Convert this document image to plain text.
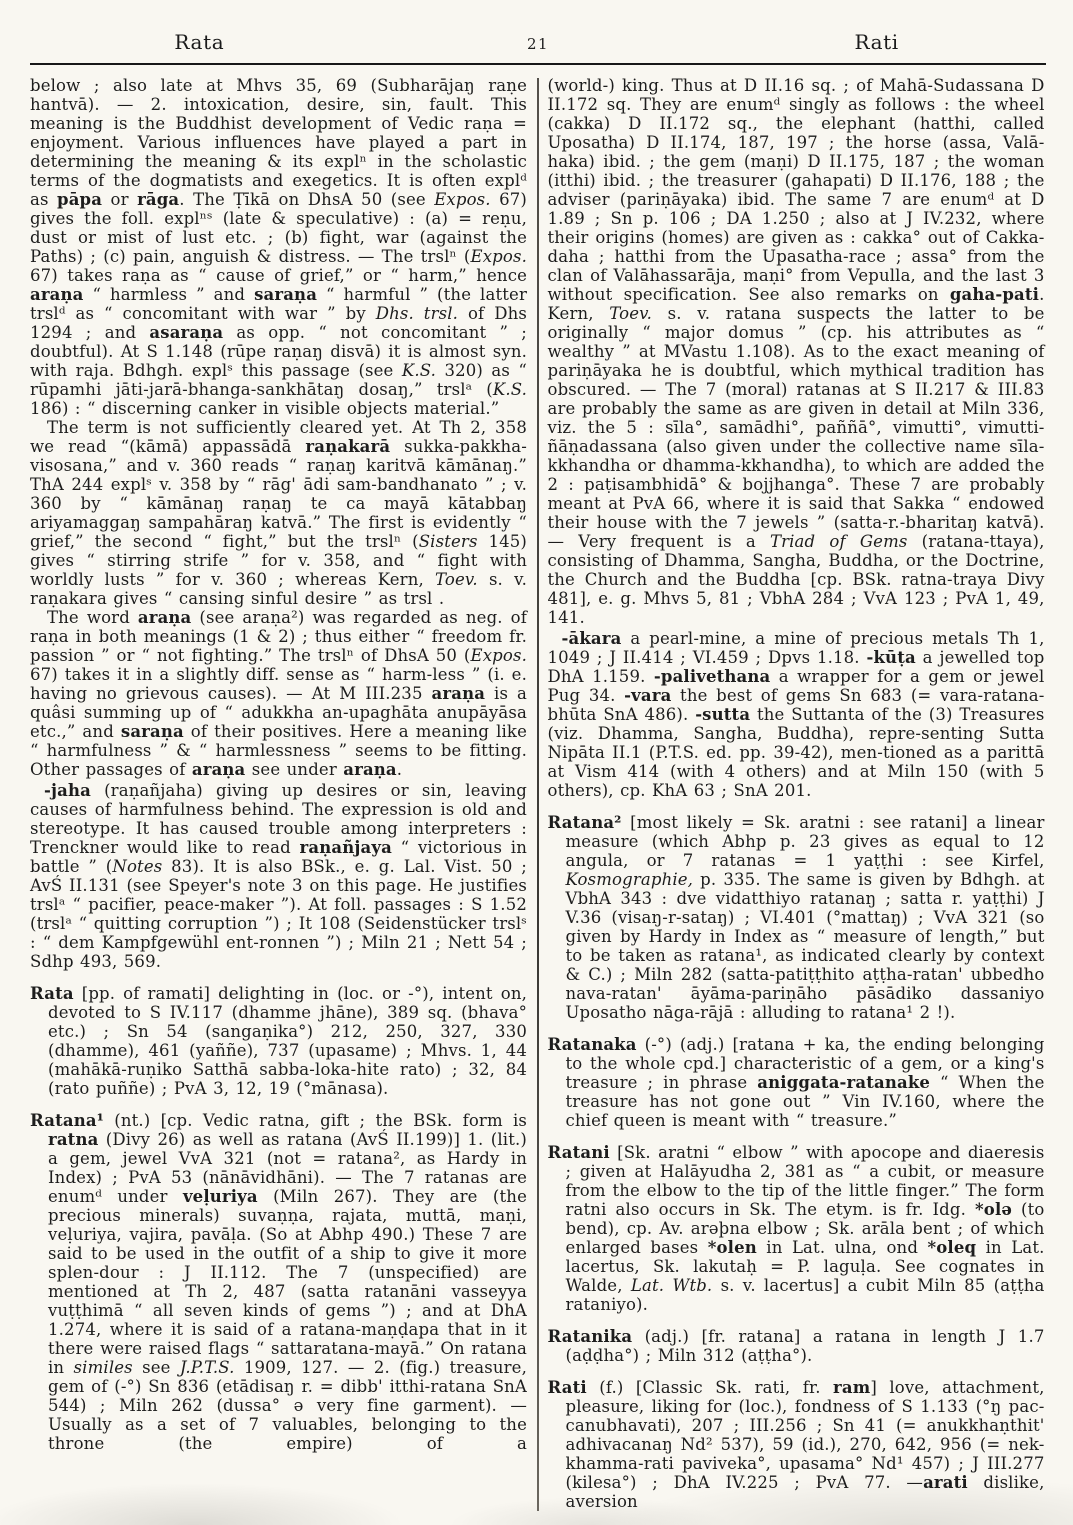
Rata	21	Rati

below ; also late at Mhvs 35, 69 (Subharājaŋ raṇe hantvā). — 2. intoxication, desire, sin, fault. This meaning is the Buddhist development of Vedic raṇa = enjoyment. Various influences have played a part in determining the meaning & its explⁿ in the scholastic terms of the dogmatists and exegetics. It is often explᵈ as pāpa or rāga. The Ṭīkā on DhsA 50 (see Expos. 67) gives the foll. explⁿˢ (late & speculative) : (a) = reṇu, dust or mist of lust etc. ; (b) fight, war (against the Paths) ; (c) pain, anguish & distress. — The trslⁿ (Expos. 67) takes raṇa as “ cause of grief,” or “ harm,” hence araṇa “ harmless ” and saraṇa “ harmful ” (the latter trslᵈ as “ concomitant with war ” by Dhs. trsl. of Dhs 1294 ; and asaraṇa as opp. “ not concomitant ” ; doubtful). At S 1.148 (rūpe raṇaŋ disvā) it is almost syn. with raja. Bdhgh. explˢ this passage (see K.S. 320) as “ rūpamhi jāti-jarā-bhanga-sankhātaŋ dosaŋ,” trslᵃ (K.S. 186) : “ discerning canker in visible objects material.”

The term is not sufficiently cleared yet. At Th 2, 358 we read “(kāmā) appassādā raṇakarā sukka-pakkha-visosana,” and v. 360 reads “ raṇaŋ karitvā kāmānaŋ.” ThA 244 explˢ v. 358 by “ rāg' ādi sam-bandhanato ” ; v. 360 by “ kāmānaŋ raṇaŋ te ca mayā kātabbaŋ ariyamaggaŋ sampahāraŋ katvā.” The first is evidently “ grief,” the second “ fight,” but the trslⁿ (Sisters 145) gives “ stirring strife ” for v. 358, and “ fight with worldly lusts ” for v. 360 ; whereas Kern, Toev. s. v. raṇakara gives “ cansing sinful desire ” as trsl .

The word araṇa (see araṇa²) was regarded as neg. of raṇa in both meanings (1 & 2) ; thus either “ freedom fr. passion ” or “ not fighting.” The trslⁿ of DhsA 50 (Expos. 67) takes it in a slightly diff. sense as “ harm-less ” (i. e. having no grievous causes). — At M III.235 araṇa is a quâsi summing up of “ adukkha an-upaghāta anupāyāsa etc.,” and saraṇa of their positives. Here a meaning like “ harmfulness ” & “ harmlessness ” seems to be fitting. Other passages of araṇa see under araṇa.

-jaha (raṇañjaha) giving up desires or sin, leaving causes of harmfulness behind. The expression is old and stereotype. It has caused trouble among interpreters : Trenckner would like to read raṇañjaya “ victorious in battle ” (Notes 83). It is also BSk., e. g. Lal. Vist. 50 ; AvŚ II.131 (see Speyer's note 3 on this page. He justifies trslᵃ “ pacifier, peace-maker ”). At foll. passages : S 1.52 (trslᵃ “ quitting corruption ”) ; It 108 (Seidenstücker trslˢ : “ dem Kampfgewühl ent-ronnen ”) ; Miln 21 ; Nett 54 ; Sdhp 493, 569.

Rata [pp. of ramati] delighting in (loc. or -°), intent on, devoted to S IV.117 (dhamme jhāne), 389 sq. (bhava° etc.) ; Sn 54 (sangaṇika°) 212, 250, 327, 330 (dhamme), 461 (yaññe), 737 (upasame) ; Mhvs. 1, 44 (mahākā-ruṇiko Satthā sabba-loka-hite rato) ; 32, 84 (rato puññe) ; PvA 3, 12, 19 (°mānasa).

Ratana¹ (nt.) [cp. Vedic ratna, gift ; the BSk. form is ratna (Divy 26) as well as ratana (AvŚ II.199)] 1. (lit.) a gem, jewel VvA 321 (not = ratana², as Hardy in Index) ; PvA 53 (nānāvidhāni). — The 7 ratanas are enumᵈ under veḷuriya (Miln 267). They are (the precious minerals) suvaṇṇa, rajata, muttā, maṇi, veḷuriya, vajira, pavāḷa. (So at Abhp 490.) These 7 are said to be used in the outfit of a ship to give it more splen-dour : J II.112. The 7 (unspecified) are mentioned at Th 2, 487 (satta ratanāni vasseyya vuṭṭhimā “ all seven kinds of gems ”) ; and at DhA 1.274, where it is said of a ratana-maṇḍapa that in it there were raised flags “ sattaratana-mayā.” On ratana in similes see J.P.T.S. 1909, 127. — 2. (fig.) treasure, gem of (-°) Sn 836 (etādisaŋ r. = dibb' itthi-ratana SnA 544) ; Miln 262 (dussa° ə very fine garment). — Usually as a set of 7 valuables, belonging to the throne (the empire) of a

(world-) king. Thus at D II.16 sq. ; of Mahā-Sudassana D II.172 sq. They are enumᵈ singly as follows : the wheel (cakka) D II.172 sq., the elephant (hatthi, called Uposatha) D II.174, 187, 197 ; the horse (assa, Valā-haka) ibid. ; the gem (maṇi) D II.175, 187 ; the woman (itthi) ibid. ; the treasurer (gahapati) D II.176, 188 ; the adviser (pariṇāyaka) ibid. The same 7 are enumᵈ at D 1.89 ; Sn p. 106 ; DA 1.250 ; also at J IV.232, where their origins (homes) are given as : cakka° out of Cakka-daha ; hatthi from the Upasatha-race ; assa° from the clan of Valāhassarāja, maṇi° from Vepulla, and the last 3 without specification. See also remarks on gaha-pati. Kern, Toev. s. v. ratana suspects the latter to be originally “ major domus ” (cp. his attributes as “ wealthy ” at MVastu 1.108). As to the exact meaning of pariṇāyaka he is doubtful, which mythical tradition has obscured. — The 7 (moral) ratanas at S II.217 & III.83 are probably the same as are given in detail at Miln 336, viz. the 5 : sīla°, samādhi°, paññā°, vimutti°, vimutti-ñāṇadassana (also given under the collective name sīla-kkhandha or dhamma-kkhandha), to which are added the 2 : paṭisambhidā° & bojjhanga°. These 7 are probably meant at PvA 66, where it is said that Sakka “ endowed their house with the 7 jewels ” (satta-r.-bharitaŋ katvā). — Very frequent is a Triad of Gems (ratana-ttaya), consisting of Dhamma, Sangha, Buddha, or the Doctrine, the Church and the Buddha [cp. BSk. ratna-traya Divy 481], e. g. Mhvs 5, 81 ; VbhA 284 ; VvA 123 ; PvA 1, 49, 141.

-ākara a pearl-mine, a mine of precious metals Th 1, 1049 ; J II.414 ; VI.459 ; Dpvs 1.18. -kūṭa a jewelled top DhA 1.159. -palivethana a wrapper for a gem or jewel Pug 34. -vara the best of gems Sn 683 (= vara-ratana-bhūta SnA 486). -sutta the Suttanta of the (3) Treasures (viz. Dhamma, Sangha, Buddha), repre-senting Sutta Nipāta II.1 (P.T.S. ed. pp. 39-42), men-tioned as a parittā at Vism 414 (with 4 others) and at Miln 150 (with 5 others), cp. KhA 63 ; SnA 201.

Ratana² [most likely = Sk. aratni : see ratani] a linear measure (which Abhp p. 23 gives as equal to 12 angula, or 7 ratanas = 1 yaṭṭhi : see Kirfel, Kosmographie, p. 335. The same is given by Bdhgh. at VbhA 343 : dve vidatthiyo ratanaŋ ; satta r. yaṭṭhi) J V.36 (visaŋ-r-sataŋ) ; VI.401 (°mattaŋ) ; VvA 321 (so given by Hardy in Index as “ measure of length,” but to be taken as ratana¹, as indicated clearly by context & C.) ; Miln 282 (satta-patiṭṭhito aṭṭha-ratan' ubbedho nava-ratan' āyāma-pariṇāho pāsādiko dassaniyo Uposatho nāga-rājā : alluding to ratana¹ 2 !).

Ratanaka (-°) (adj.) [ratana + ka, the ending belonging to the whole cpd.] characteristic of a gem, or a king's treasure ; in phrase aniggata-ratanake “ When the treasure has not gone out ” Vin IV.160, where the chief queen is meant with “ treasure.”

Ratani [Sk. aratni “ elbow ” with apocope and diaeresis ; given at Halāyudha 2, 381 as “ a cubit, or measure from the elbow to the tip of the little finger.” The form ratni also occurs in Sk. The etym. is fr. Idg. *olə (to bend), cp. Av. arəþna elbow ; Sk. arāla bent ; of which enlarged bases *olen in Lat. ulna, ond *oleq in Lat. lacertus, Sk. lakutaḥ = P. laguḷa. See cognates in Walde, Lat. Wtb. s. v. lacertus] a cubit Miln 85 (aṭṭha rataniyo).

Ratanika (adj.) [fr. ratana] a ratana in length J 1.7 (aḍḍha°) ; Miln 312 (aṭṭha°).

Rati (f.) [Classic Sk. rati, fr. ram] love, attachment, pleasure, liking for (loc.), fondness of S 1.133 (°ŋ pac-canubhavati), 207 ; III.256 ; Sn 41 (= anukkhaṇthit' adhivacanaŋ Nd² 537), 59 (id.), 270, 642, 956 (= nek-khamma-rati paviveka°, upasama° Nd¹ 457) ; J III.277 (kilesa°) ; DhA IV.225 ; PvA 77. —arati dislike, aversion
